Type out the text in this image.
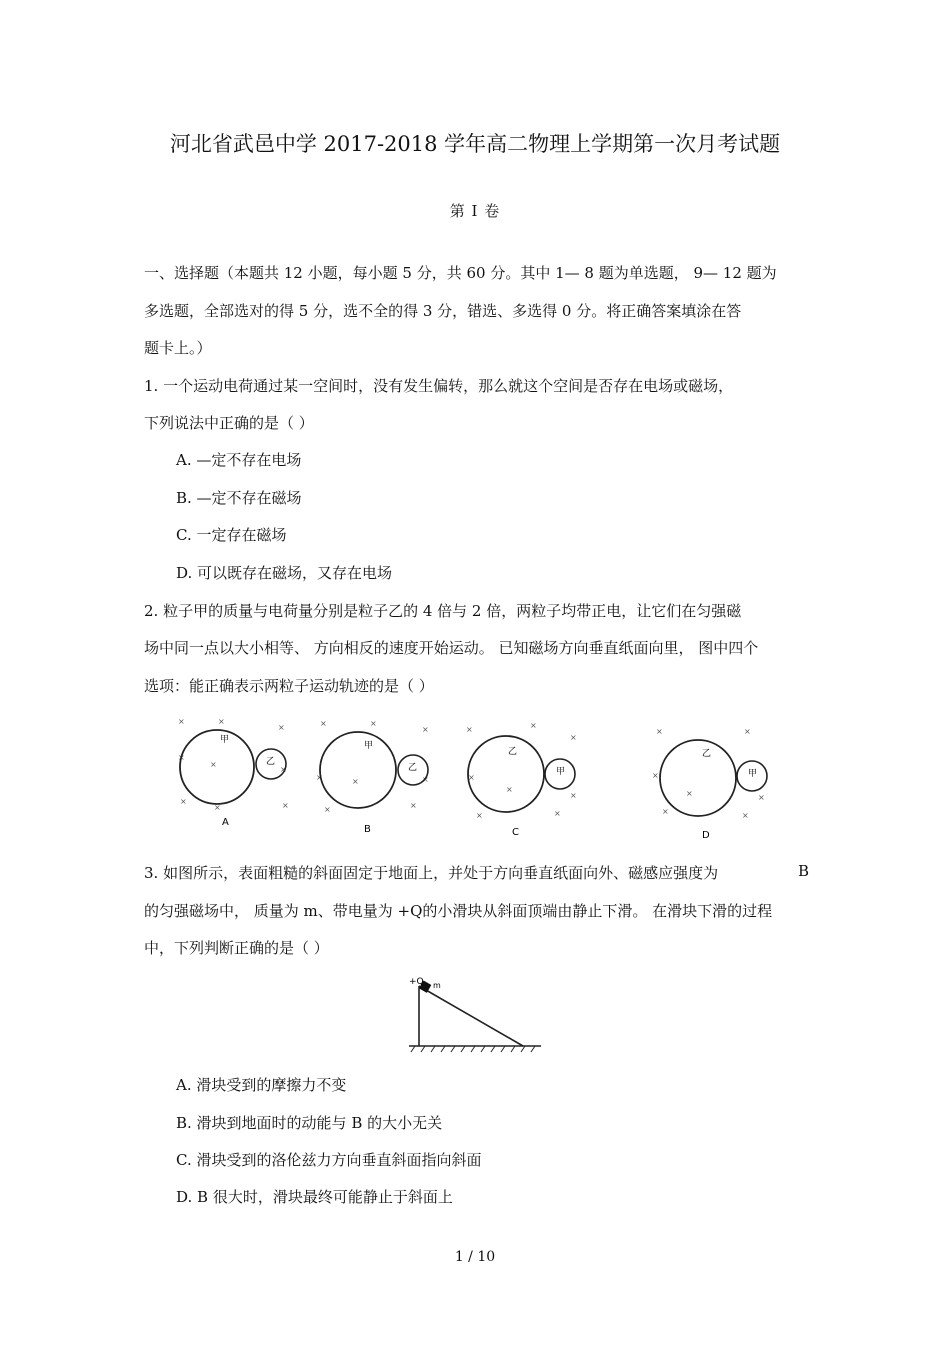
河北省武邑中学 2017-2018 学年高二物理上学期第一次月考试题
第 I 卷
一、选择题（本题共 12 小题，每小题 5 分，共 60 分。其中 1— 8 题为单选题， 9— 12 题为
多选题，全部选对的得 5 分，选不全的得 3 分，错选、多选得 0 分。将正确答案填涂在答
题卡上。）
1. 一个运动电荷通过某一空间时，没有发生偏转，那么就这个空间是否存在电场或磁场，
下列说法中正确的是（ ）
A. —定不存在电场
B. —定不存在磁场
C. 一定存在磁场
D. 可以既存在磁场，又存在电场
2. 粒子甲的质量与电荷量分别是粒子乙的 4 倍与 2 倍，两粒子均带正电，让它们在匀强磁
场中同一点以大小相等、 方向相反的速度开始运动。 已知磁场方向垂直纸面向里， 图中四个
选项：能正确表示两粒子运动轨迹的是（ ）
×	×
×
×
×
×
×
×	×
甲
乙
A
×	×
×
×	×	×
×	×
甲
乙
B
×	×
×
×
×
×
×	×
乙
甲
C
×	×
×
×	×
×	×
乙
甲
D
3. 如图所示，表面粗糙的斜面固定于地面上，并处于方向垂直纸面向外、磁感应强度为	B
的匀强磁场中， 质量为 m、带电量为 +Q的小滑块从斜面顶端由静止下滑。 在滑块下滑的过程
中，下列判断正确的是（ ）
+Q m
A. 滑块受到的摩擦力不变
B. 滑块到地面时的动能与 B 的大小无关
C. 滑块受到的洛伦兹力方向垂直斜面指向斜面
D. B 很大时，滑块最终可能静止于斜面上
1 / 10
